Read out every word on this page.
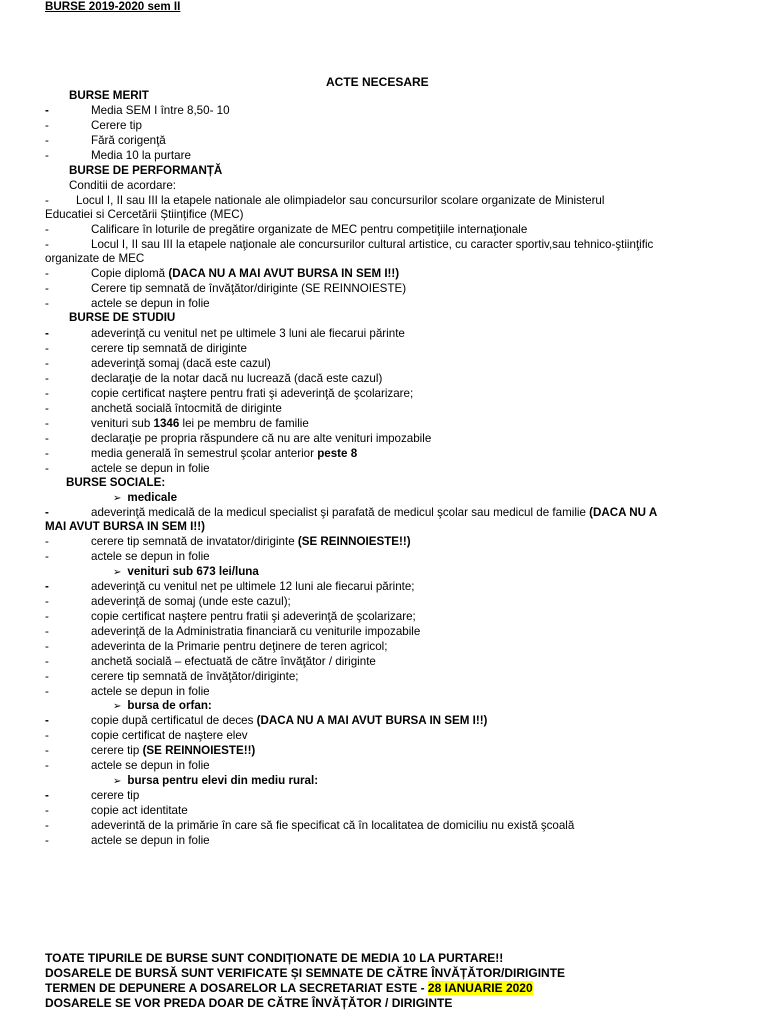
BURSE 2019-2020 sem II
ACTE NECESARE
BURSE MERIT
-	Media SEM I între 8,50- 10
-	Cerere tip
-	Fără corigenţă
-	Media 10 la purtare
BURSE DE PERFORMANȚĂ
Conditii de acordare:
- Locul I, II sau III la etapele nationale ale olimpiadelor sau concursurilor scolare organizate de Ministerul
Educatiei si Cercetării Științifice (MEC)
-	Calificare în loturile de pregătire organizate de MEC pentru competiţiile internaţionale
-	Locul I, II sau III la etapele naţionale ale concursurilor cultural artistice, cu caracter sportiv,sau tehnico-ştiinţific
organizate de MEC
-	Copie diplomă (DACA NU A MAI AVUT BURSA IN SEM I!!)
-	Cerere tip semnată de învăţător/diriginte (SE REINNOIESTE)
-	actele se depun in folie
BURSE DE STUDIU
-	adeverinţă cu venitul net pe ultimele 3 luni ale fiecarui părinte
-	cerere tip semnată de diriginte
-	adeverinţă somaj (dacă este cazul)
-	declaraţie de la notar dacă nu lucrează (dacă este cazul)
-	copie certificat naştere pentru frati şi adeverinţă de şcolarizare;
-	anchetă socială întocmită de diriginte
-	venituri sub 1346 lei pe membru de familie
-	declaraţie pe propria răspundere că nu are alte venituri impozabile
-	media generală în semestrul şcolar anterior peste 8
-	actele se depun in folie
BURSE SOCIALE:
➢ medicale
-	adeverinţă medicală de la medicul specialist şi parafată de medicul şcolar sau medicul de familie (DACA NU A
MAI AVUT BURSA IN SEM I!!)
-	cerere tip semnată de invatator/diriginte (SE REINNOIESTE!!)
-	actele se depun in folie
➢ venituri sub 673 lei/luna
-	adeverinţă cu venitul net pe ultimele 12 luni ale fiecarui părinte;
-	adeverinţă de somaj (unde este cazul);
-	copie certificat naştere pentru fratii şi adeverinţă de şcolarizare;
-	adeverinţă de la Administratia financiară cu veniturile impozabile
-	adeverinta de la Primarie pentru deţinere de teren agricol;
-	anchetă socială – efectuată de către învăţător / diriginte
-	cerere tip semnată de învăţător/diriginte;
-	actele se depun in folie
➢ bursa de orfan:
-	copie după certificatul de deces (DACA NU A MAI AVUT BURSA IN SEM I!!)
-	copie certificat de naştere elev
-	cerere tip (SE REINNOIESTE!!)
-	actele se depun in folie
➢ bursa pentru elevi din mediu rural:
-	cerere tip
-	copie act identitate
-	adeverintă de la primărie în care să fie specificat că în localitatea de domiciliu nu există şcoală
-	actele se depun in folie
TOATE TIPURILE DE BURSE SUNT CONDIȚIONATE DE MEDIA 10 LA PURTARE!!
DOSARELE DE BURSĂ SUNT VERIFICATE ȘI SEMNATE DE CĂTRE ÎNVĂȚĂTOR/DIRIGINTE
TERMEN DE DEPUNERE A DOSARELOR LA SECRETARIAT ESTE - 28 IANUARIE 2020
DOSARELE SE VOR PREDA DOAR DE CĂTRE ÎNVĂȚĂTOR / DIRIGINTE
